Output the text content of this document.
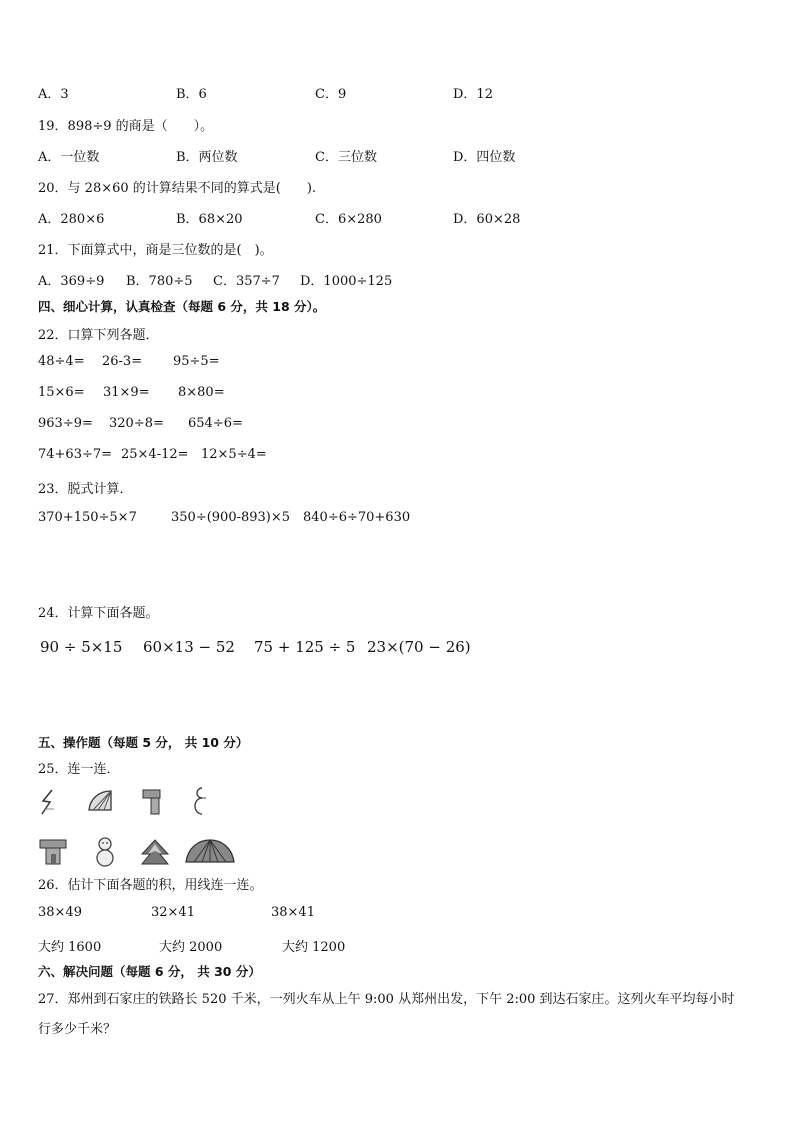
A．3	B．6	C．9	D．12
19．898÷9 的商是（　　）。
A．一位数	B．两位数	C．三位数	D．四位数
20．与 28×60 的计算结果不同的算式是(　　).
A．280×6	B．68×20	C．6×280	D．60×28
21．下面算式中，商是三位数的是(　)。
A．369÷9 B．780÷5 C．357÷7 D．1000÷125
四、细心计算，认真检查（每题 6 分，共 18 分）。
22．口算下列各题．
48÷4= 26-3= 95÷5=
15×6= 31×9= 8×80=
963÷9= 320÷8= 654÷6=
74+63÷7= 25×4-12= 12×5÷4=
23．脱式计算．
370+150÷5×7	350÷(900-893)×5 840÷6÷70+630
24．计算下面各题。
90 ÷ 5×15 60×13 − 52 75 + 125 ÷ 5 23×(70 − 26)
五、操作题（每题 5 分， 共 10 分）
25．连一连．
26．估计下面各题的积，用线连一连。
38×49	32×41	38×41
大约 1600	大约 2000	大约 1200
六、解决问题（每题 6 分， 共 30 分）
27．郑州到石家庄的铁路长 520 千米，一列火车从上午 9:00 从郑州出发，下午 2:00 到达石家庄。这列火车平均每小时
行多少千米？
